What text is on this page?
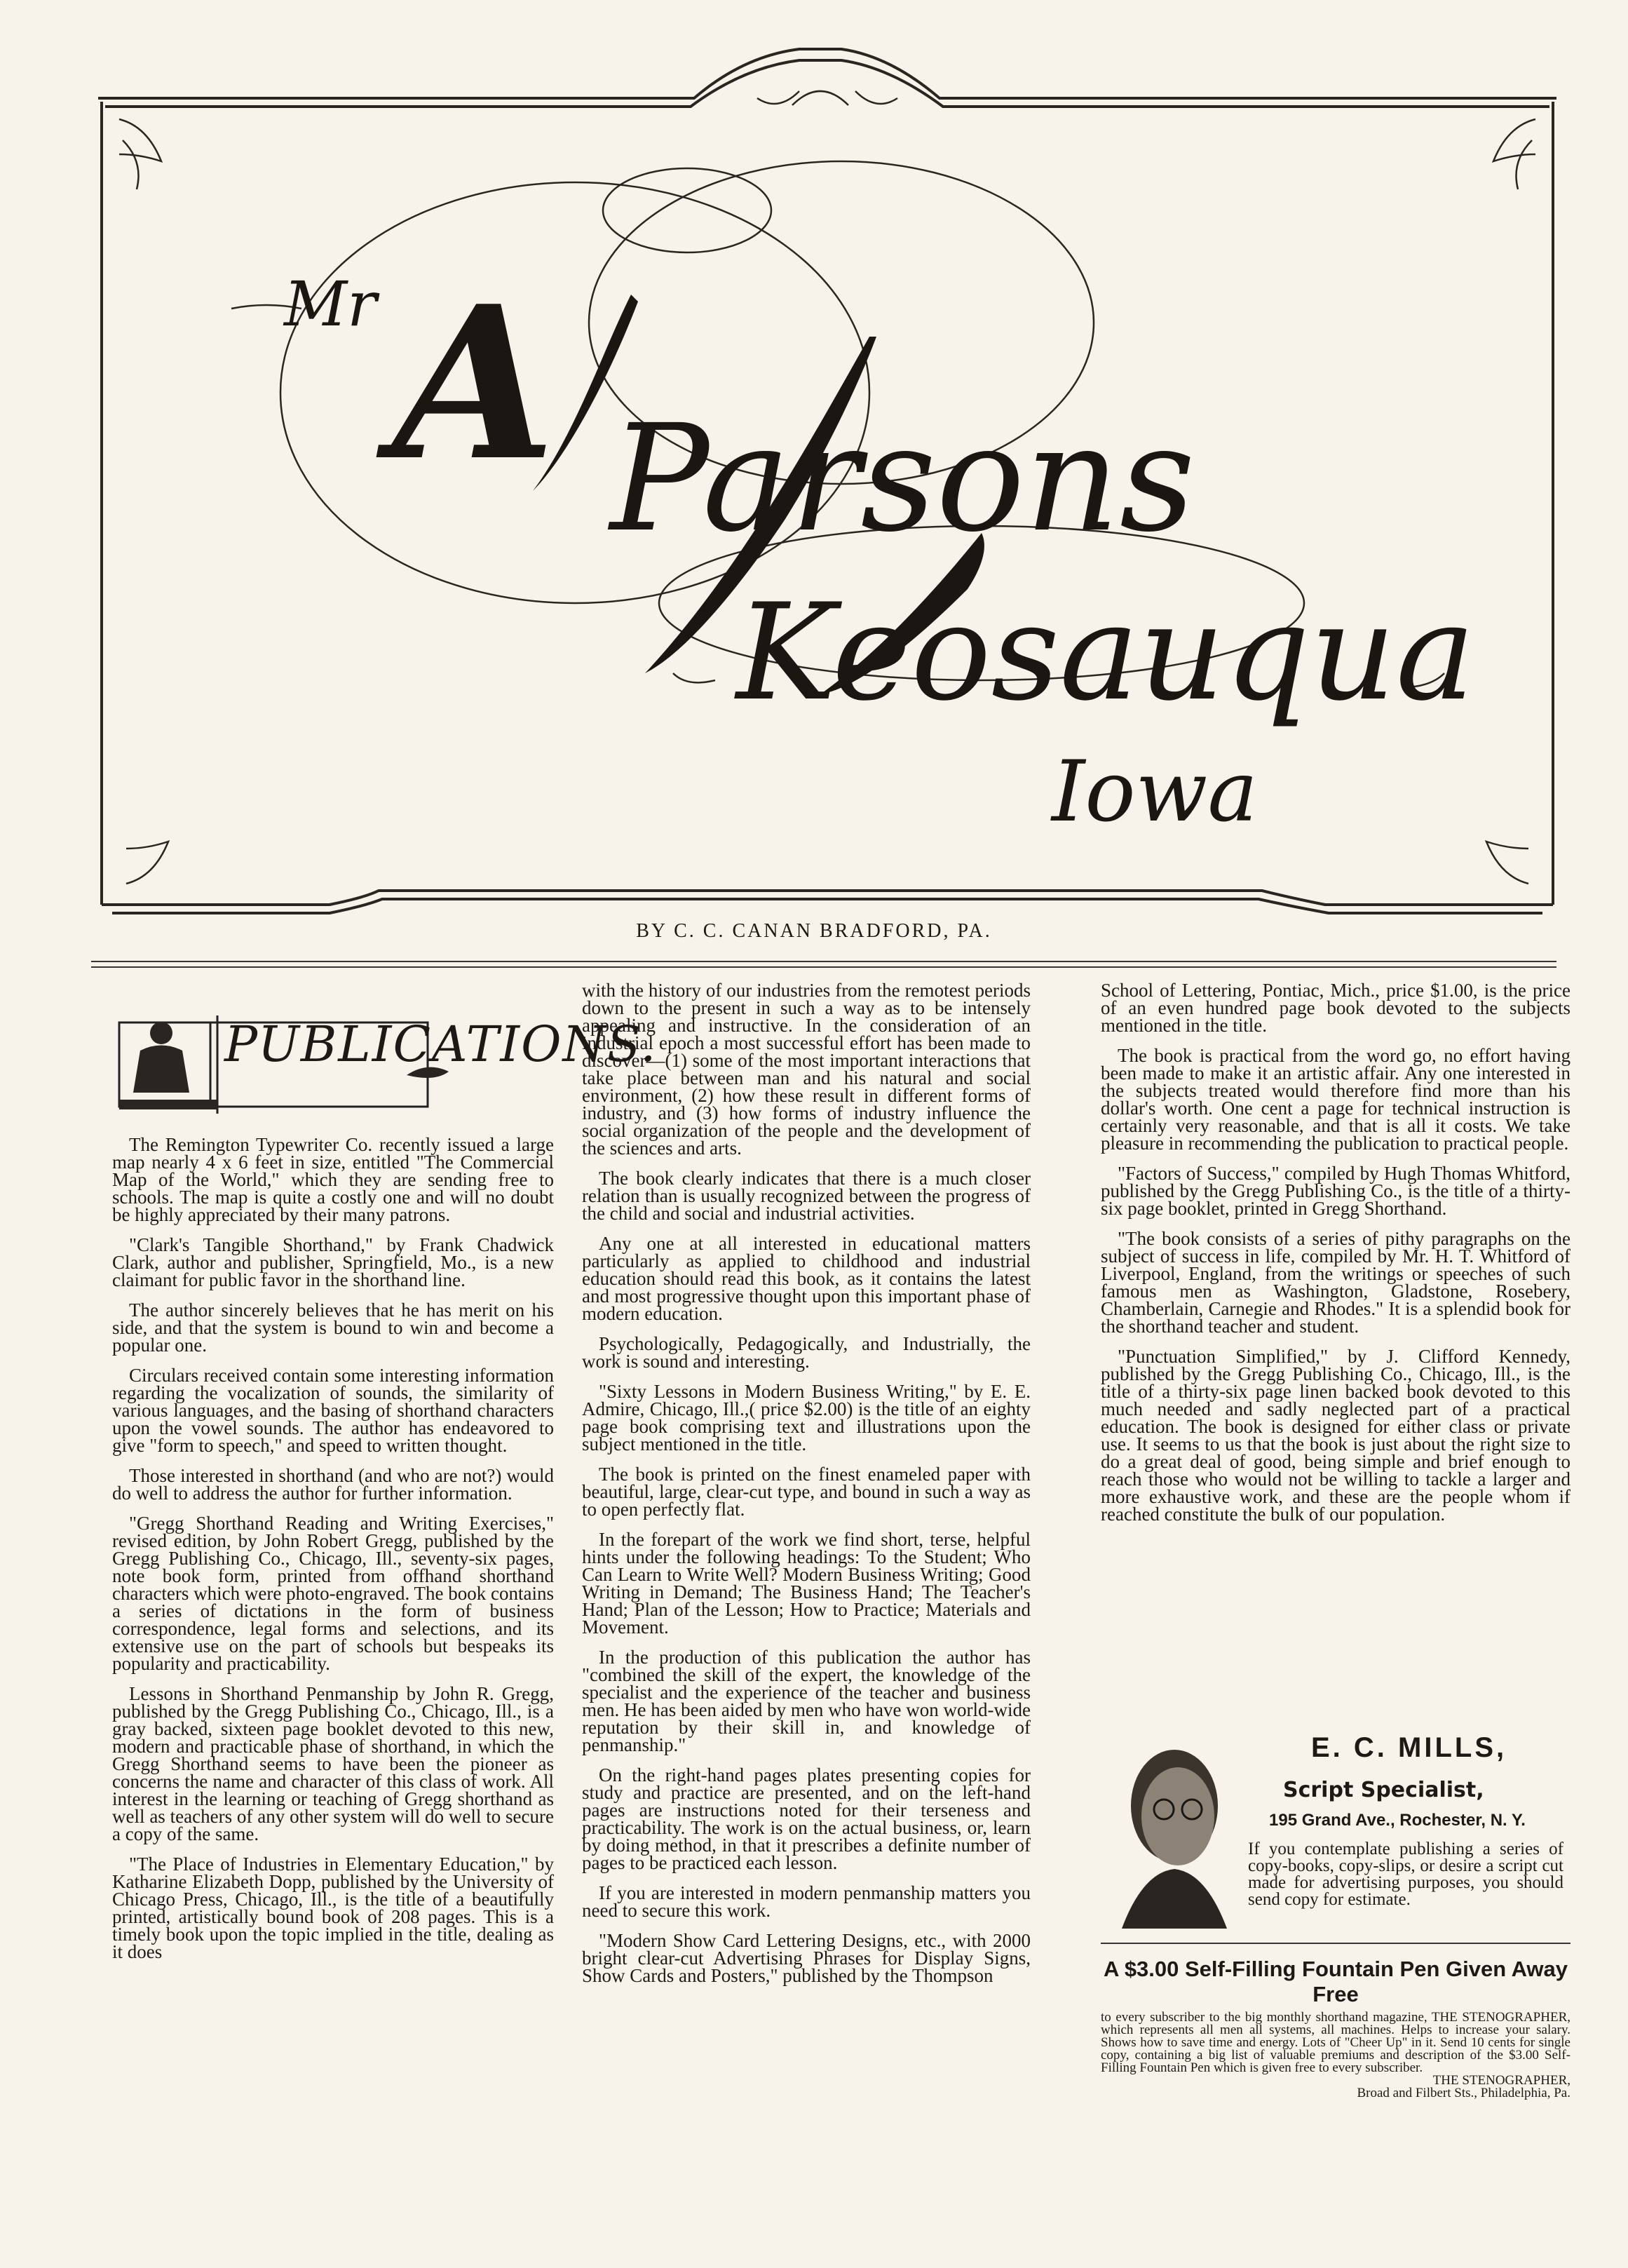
Mr A Parsons
Keosauqua
Iowa
BY C. C. CANAN BRADFORD, PA.
PUBLICATIONS.

The Remington Typewriter Co. recently issued a large map nearly 4 x 6 feet in size, entitled "The Commercial Map of the World," which they are sending free to schools. The map is quite a costly one and will no doubt be highly appreciated by their many patrons.

"Clark's Tangible Shorthand," by Frank Chadwick Clark, author and publisher, Springfield, Mo., is a new claimant for public favor in the shorthand line.

The author sincerely believes that he has merit on his side, and that the system is bound to win and become a popular one.

Circulars received contain some interesting information regarding the vocalization of sounds, the similarity of various languages, and the basing of shorthand characters upon the vowel sounds. The author has endeavored to give "form to speech," and speed to written thought.

Those interested in shorthand (and who are not?) would do well to address the author for further information.

"Gregg Shorthand Reading and Writing Exercises," revised edition, by John Robert Gregg, published by the Gregg Publishing Co., Chicago, Ill., seventy-six pages, note book form, printed from offhand shorthand characters which were photo-engraved. The book contains a series of dictations in the form of business correspondence, legal forms and selections, and its extensive use on the part of schools but bespeaks its popularity and practicability.

Lessons in Shorthand Penmanship by John R. Gregg, published by the Gregg Publishing Co., Chicago, Ill., is a gray backed, sixteen page booklet devoted to this new, modern and practicable phase of shorthand, in which the Gregg Shorthand seems to have been the pioneer as concerns the name and character of this class of work. All interest in the learning or teaching of Gregg shorthand as well as teachers of any other system will do well to secure a copy of the same.

"The Place of Industries in Elementary Education," by Katharine Elizabeth Dopp, published by the University of Chicago Press, Chicago, Ill., is the title of a beautifully printed, artistically bound book of 208 pages. This is a timely book upon the topic implied in the title, dealing as it does

with the history of our industries from the remotest periods down to the present in such a way as to be intensely appealing and instructive. In the consideration of an industrial epoch a most successful effort has been made to discover—(1) some of the most important interactions that take place between man and his natural and social environment, (2) how these result in different forms of industry, and (3) how forms of industry influence the social organization of the people and the development of the sciences and arts.

The book clearly indicates that there is a much closer relation than is usually recognized between the progress of the child and social and industrial activities.

Any one at all interested in educational matters particularly as applied to childhood and industrial education should read this book, as it contains the latest and most progressive thought upon this important phase of modern education.

Psychologically, Pedagogically, and Industrially, the work is sound and interesting.

"Sixty Lessons in Modern Business Writing," by E. E. Admire, Chicago, Ill.,( price $2.00) is the title of an eighty page book comprising text and illustrations upon the subject mentioned in the title.

The book is printed on the finest enameled paper with beautiful, large, clear-cut type, and bound in such a way as to open perfectly flat.

In the forepart of the work we find short, terse, helpful hints under the following headings: To the Student; Who Can Learn to Write Well? Modern Business Writing; Good Writing in Demand; The Business Hand; The Teacher's Hand; Plan of the Lesson; How to Practice; Materials and Movement.

In the production of this publication the author has "combined the skill of the expert, the knowledge of the specialist and the experience of the teacher and business men. He has been aided by men who have won world-wide reputation by their skill in, and knowledge of penmanship."

On the right-hand pages plates presenting copies for study and practice are presented, and on the left-hand pages are instructions noted for their terseness and practicability. The work is on the actual business, or, learn by doing method, in that it prescribes a definite number of pages to be practiced each lesson.

If you are interested in modern penmanship matters you need to secure this work.

"Modern Show Card Lettering Designs, etc., with 2000 bright clear-cut Advertising Phrases for Display Signs, Show Cards and Posters," published by the Thompson

School of Lettering, Pontiac, Mich., price $1.00, is the price of an even hundred page book devoted to the subjects mentioned in the title.

The book is practical from the word go, no effort having been made to make it an artistic affair. Any one interested in the subjects treated would therefore find more than his dollar's worth. One cent a page for technical instruction is certainly very reasonable, and that is all it costs. We take pleasure in recommending the publication to practical people.

"Factors of Success," compiled by Hugh Thomas Whitford, published by the Gregg Publishing Co., is the title of a thirty-six page booklet, printed in Gregg Shorthand.

"The book consists of a series of pithy paragraphs on the subject of success in life, compiled by Mr. H. T. Whitford of Liverpool, England, from the writings or speeches of such famous men as Washington, Gladstone, Rosebery, Chamberlain, Carnegie and Rhodes." It is a splendid book for the shorthand teacher and student.

"Punctuation Simplified," by J. Clifford Kennedy, published by the Gregg Publishing Co., Chicago, Ill., is the title of a thirty-six page linen backed book devoted to this much needed and sadly neglected part of a practical education. The book is designed for either class or private use. It seems to us that the book is just about the right size to do a great deal of good, being simple and brief enough to reach those who would not be willing to tackle a larger and more exhaustive work, and these are the people whom if reached constitute the bulk of our population.

E. C. MILLS,
Script Specialist,
195 Grand Ave., Rochester, N. Y.
If you contemplate publishing a series of copy-books, copy-slips, or desire a script cut made for advertising purposes, you should send copy for estimate.
A $3.00 Self-Filling Fountain Pen Given Away Free
to every subscriber to the big monthly shorthand magazine, THE STENOGRAPHER, which represents all men all systems, all machines. Helps to increase your salary. Shows how to save time and energy. Lots of "Cheer Up" in it. Send 10 cents for single copy, containing a big list of valuable premiums and description of the $3.00 Self-Filling Fountain Pen which is given free to every subscriber.
THE STENOGRAPHER,
Broad and Filbert Sts., Philadelphia, Pa.
